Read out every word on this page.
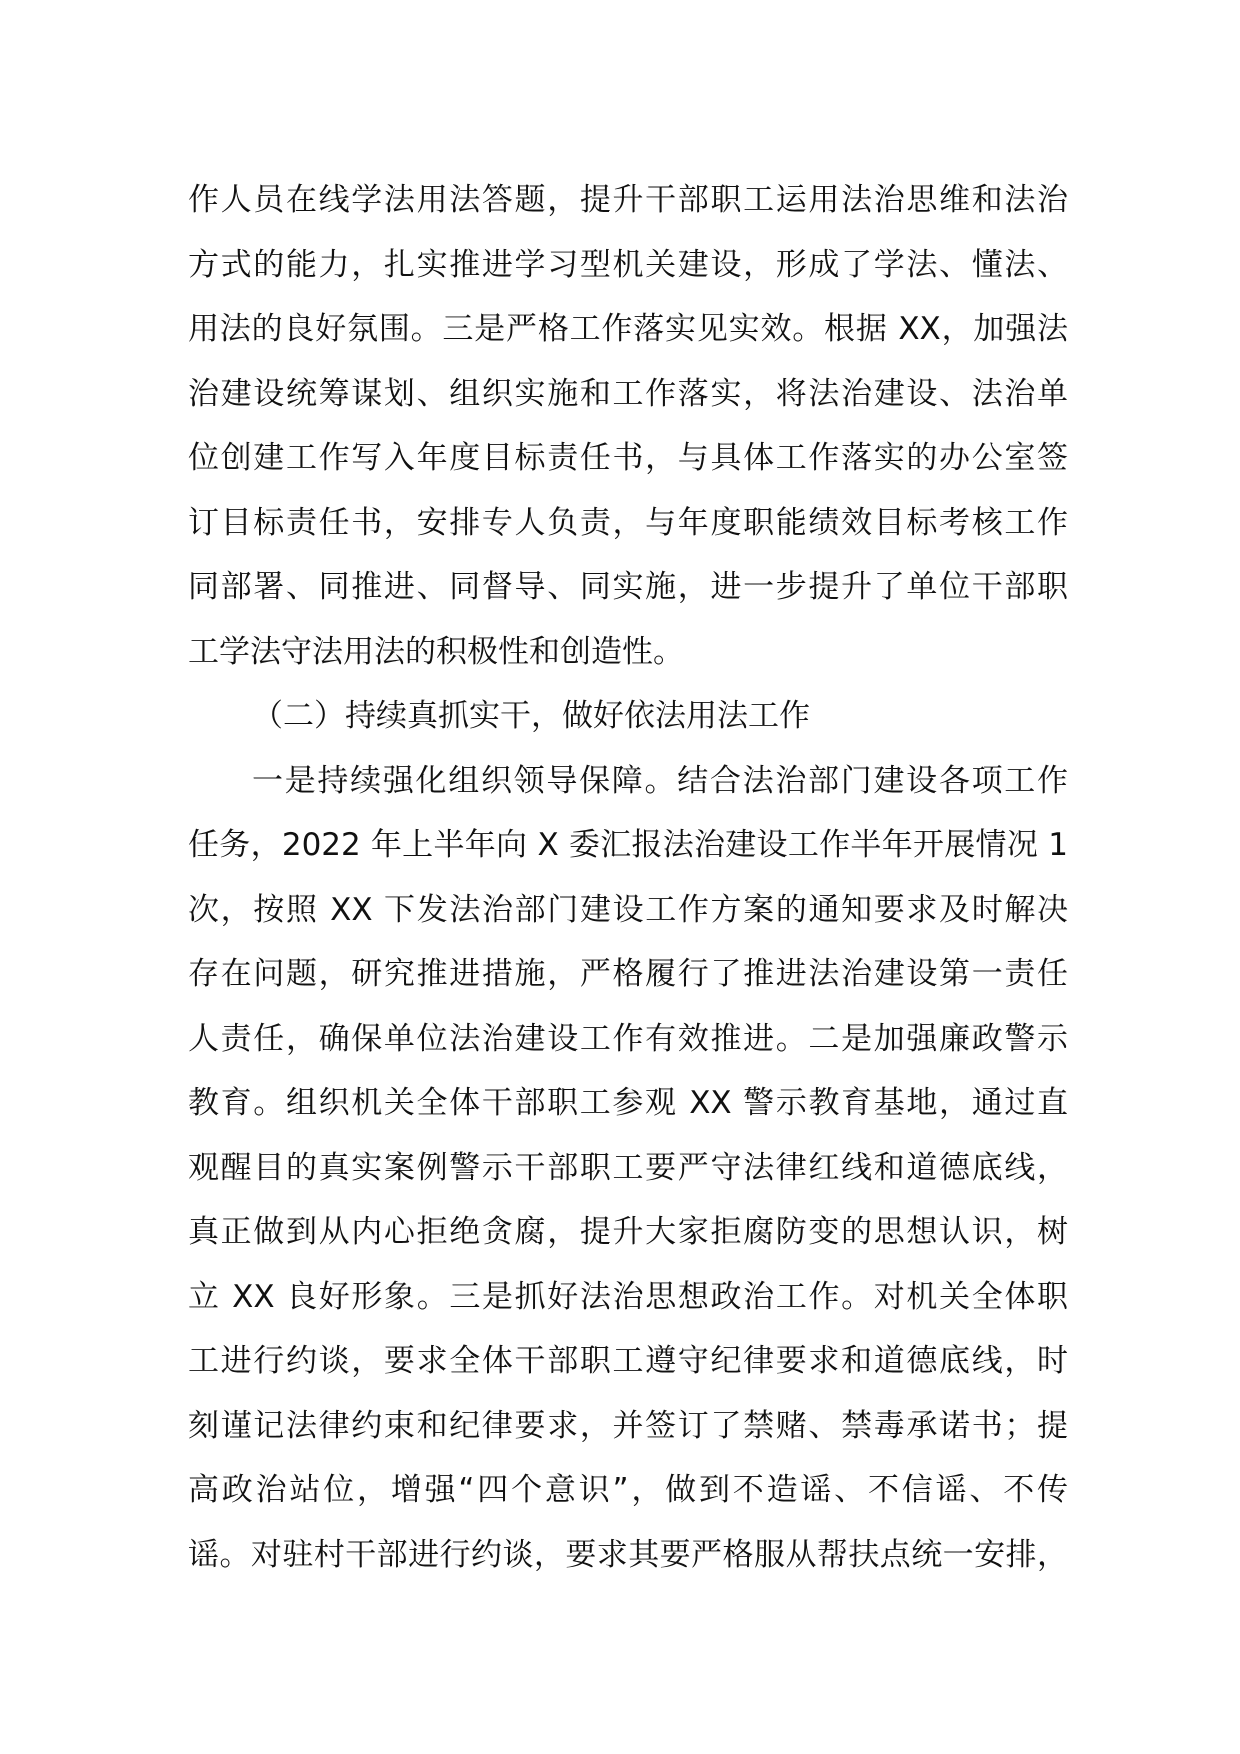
作人员在线学法用法答题，提升干部职工运用法治思维和法治
方式的能力，扎实推进学习型机关建设，形成了学法、懂法、
用法的良好氛围。三是严格工作落实见实效。根据 XX，加强法
治建设统筹谋划、组织实施和工作落实，将法治建设、法治单
位创建工作写入年度目标责任书，与具体工作落实的办公室签
订目标责任书，安排专人负责，与年度职能绩效目标考核工作
同部署、同推进、同督导、同实施，进一步提升了单位干部职
工学法守法用法的积极性和创造性。
（二）持续真抓实干，做好依法用法工作
一是持续强化组织领导保障。结合法治部门建设各项工作
任务，2022 年上半年向 X 委汇报法治建设工作半年开展情况 1
次，按照 XX 下发法治部门建设工作方案的通知要求及时解决
存在问题，研究推进措施，严格履行了推进法治建设第一责任
人责任，确保单位法治建设工作有效推进。二是加强廉政警示
教育。组织机关全体干部职工参观 XX 警示教育基地，通过直
观醒目的真实案例警示干部职工要严守法律红线和道德底线，
真正做到从内心拒绝贪腐，提升大家拒腐防变的思想认识，树
立 XX 良好形象。三是抓好法治思想政治工作。对机关全体职
工进行约谈，要求全体干部职工遵守纪律要求和道德底线，时
刻谨记法律约束和纪律要求，并签订了禁赌、禁毒承诺书；提
高政治站位，增强“四个意识”，做到不造谣、不信谣、不传
谣。对驻村干部进行约谈，要求其要严格服从帮扶点统一安排，
